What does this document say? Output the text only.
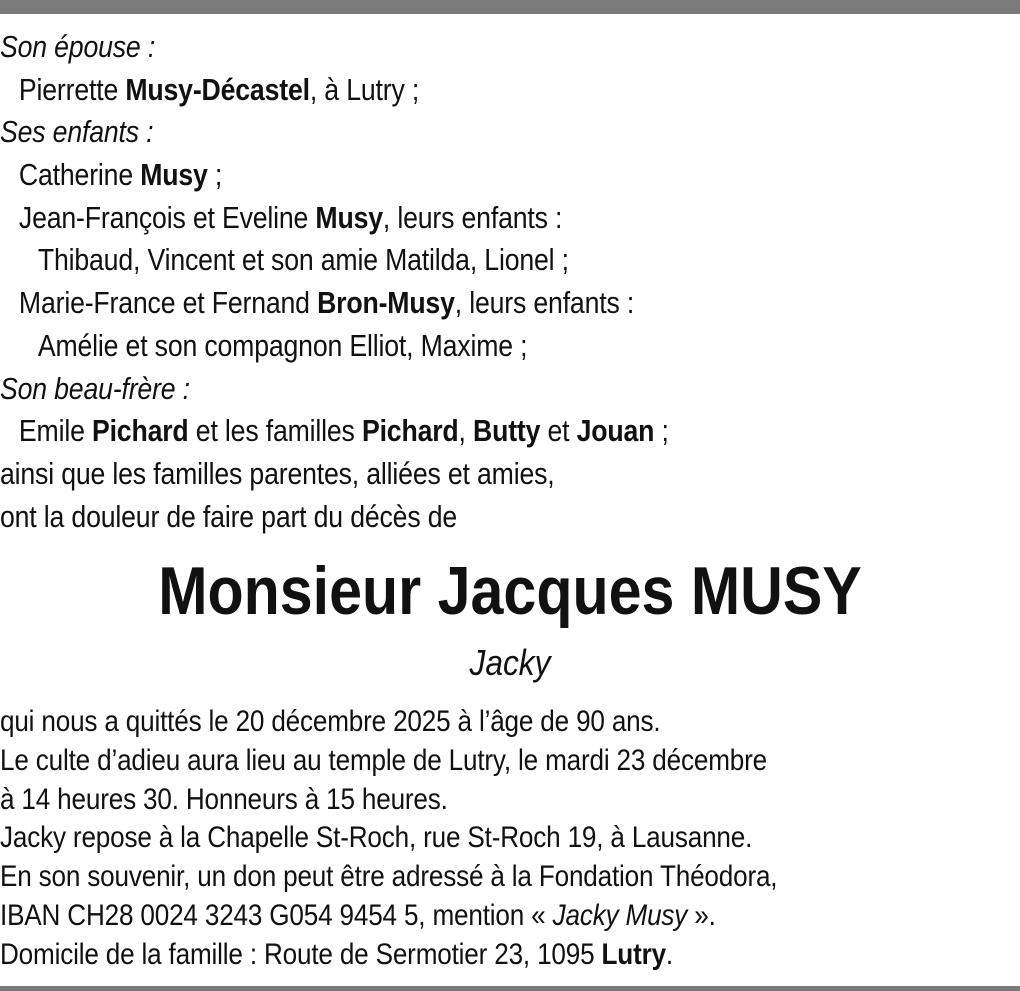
Son épouse :
Pierrette Musy-Décastel, à Lutry ;
Ses enfants :
Catherine Musy ;
Jean-François et Eveline Musy, leurs enfants :
Thibaud, Vincent et son amie Matilda, Lionel ;
Marie-France et Fernand Bron-Musy, leurs enfants :
Amélie et son compagnon Elliot, Maxime ;
Son beau-frère :
Emile Pichard et les familles Pichard, Butty et Jouan ;
ainsi que les familles parentes, alliées et amies,
ont la douleur de faire part du décès de
Monsieur Jacques MUSY
Jacky
qui nous a quittés le 20 décembre 2025 à l’âge de 90 ans.
Le culte d’adieu aura lieu au temple de Lutry, le mardi 23 décembre
à 14 heures 30. Honneurs à 15 heures.
Jacky repose à la Chapelle St-Roch, rue St-Roch 19, à Lausanne.
En son souvenir, un don peut être adressé à la Fondation Théodora,
IBAN CH28 0024 3243 G054 9454 5, mention « Jacky Musy ».
Domicile de la famille : Route de Sermotier 23, 1095 Lutry.
